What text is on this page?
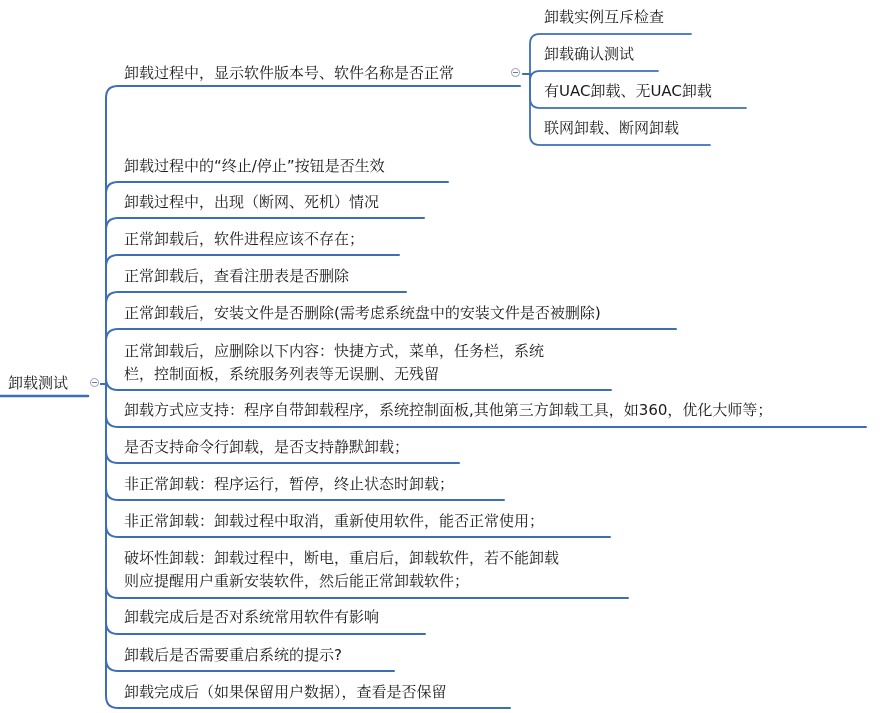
卸载测试
卸载过程中，显示软件版本号、软件名称是否正常
卸载实例互斥检查
卸载确认测试
有UAC卸载、无UAC卸载
联网卸载、断网卸载
卸载过程中的“终止/停止”按钮是否生效
卸载过程中，出现（断网、死机）情况
正常卸载后，软件进程应该不存在；
正常卸载后，查看注册表是否删除
正常卸载后，安装文件是否删除(需考虑系统盘中的安装文件是否被删除)
正常卸载后，应删除以下内容：快捷方式，菜单，任务栏，系统
栏，控制面板，系统服务列表等无误删、无残留
卸载方式应支持：程序自带卸载程序，系统控制面板,其他第三方卸载工具，如360，优化大师等；
是否支持命令行卸载，是否支持静默卸载；
非正常卸载：程序运行，暂停，终止状态时卸载；
非正常卸载：卸载过程中取消，重新使用软件，能否正常使用；
破坏性卸载：卸载过程中，断电，重启后，卸载软件，若不能卸载
则应提醒用户重新安装软件，然后能正常卸载软件；
卸载完成后是否对系统常用软件有影响
卸载后是否需要重启系统的提示?
卸载完成后（如果保留用户数据），查看是否保留
